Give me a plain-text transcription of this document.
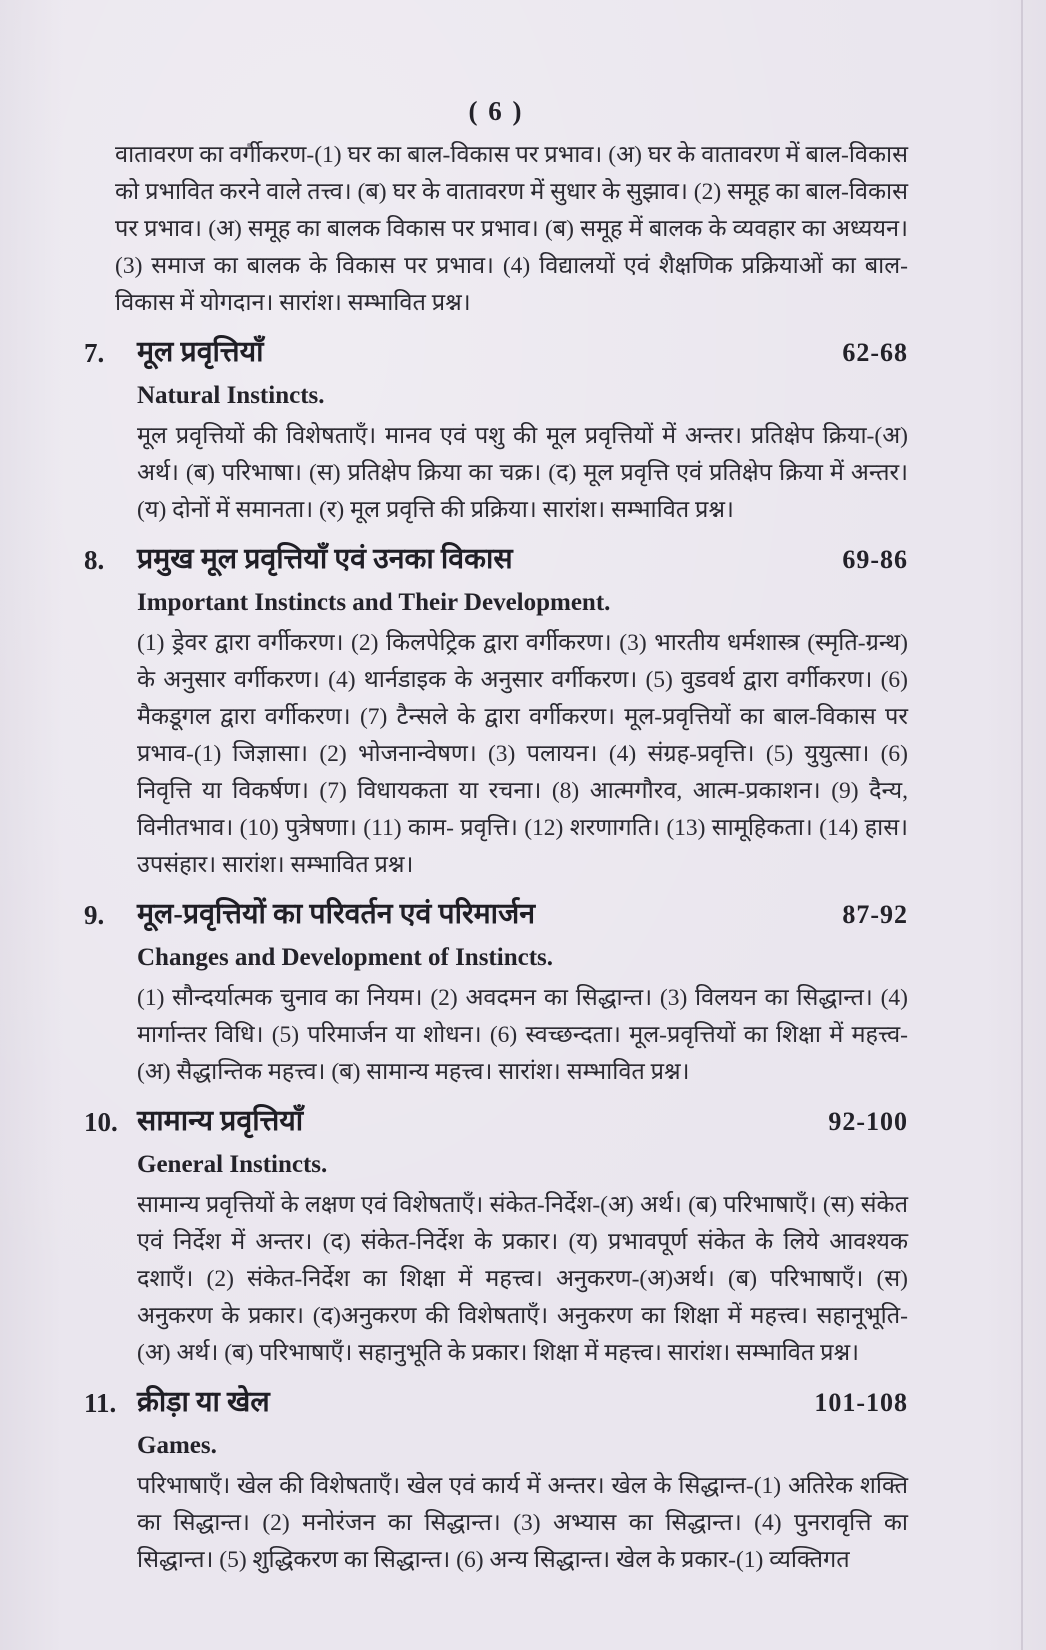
( 6 )
वातावरण का वर्गीकरण-(1) घर का बाल-विकास पर प्रभाव। (अ) घर के वातावरण में बाल-विकास को प्रभावित करने वाले तत्त्व। (ब) घर के वातावरण में सुधार के सुझाव। (2) समूह का बाल-विकास पर प्रभाव। (अ) समूह का बालक विकास पर प्रभाव। (ब) समूह में बालक के व्यवहार का अध्ययन। (3) समाज का बालक के विकास पर प्रभाव। (4) विद्यालयों एवं शैक्षणिक प्रक्रियाओं का बाल-विकास में योगदान। सारांश। सम्भावित प्रश्न।
7.	मूल प्रवृत्तियाँ	62-68
Natural Instincts.
मूल प्रवृत्तियों की विशेषताएँ। मानव एवं पशु की मूल प्रवृत्तियों में अन्तर। प्रतिक्षेप क्रिया-(अ) अर्थ। (ब) परिभाषा। (स) प्रतिक्षेप क्रिया का चक्र। (द) मूल प्रवृत्ति एवं प्रतिक्षेप क्रिया में अन्तर। (य) दोनों में समानता। (र) मूल प्रवृत्ति की प्रक्रिया। सारांश। सम्भावित प्रश्न।
8.	प्रमुख मूल प्रवृत्तियाँ एवं उनका विकास	69-86
Important Instincts and Their Development.
(1) ड्रेवर द्वारा वर्गीकरण। (2) किलपेट्रिक द्वारा वर्गीकरण। (3) भारतीय धर्मशास्त्र (स्मृति-ग्रन्थ) के अनुसार वर्गीकरण। (4) थार्नडाइक के अनुसार वर्गीकरण। (5) वुडवर्थ द्वारा वर्गीकरण। (6) मैकडूगल द्वारा वर्गीकरण। (7) टैन्सले के द्वारा वर्गीकरण। मूल-प्रवृत्तियों का बाल-विकास पर प्रभाव-(1) जिज्ञासा। (2) भोजनान्वेषण। (3) पलायन। (4) संग्रह-प्रवृत्ति। (5) युयुत्सा। (6) निवृत्ति या विकर्षण। (7) विधायकता या रचना। (8) आत्मगौरव, आत्म-प्रकाशन। (9) दैन्य, विनीतभाव। (10) पुत्रेषणा। (11) काम- प्रवृत्ति। (12) शरणागति। (13) सामूहिकता। (14) हास। उपसंहार। सारांश। सम्भावित प्रश्न।
9.	मूल-प्रवृत्तियों का परिवर्तन एवं परिमार्जन	87-92
Changes and Development of Instincts.
(1) सौन्दर्यात्मक चुनाव का नियम। (2) अवदमन का सिद्धान्त। (3) विलयन का सिद्धान्त। (4) मार्गान्तर विधि। (5) परिमार्जन या शोधन। (6) स्वच्छन्दता। मूल-प्रवृत्तियों का शिक्षा में महत्त्व-(अ) सैद्धान्तिक महत्त्व। (ब) सामान्य महत्त्व। सारांश। सम्भावित प्रश्न।
10. सामान्य प्रवृत्तियाँ	92-100
General Instincts.
सामान्य प्रवृत्तियों के लक्षण एवं विशेषताएँ। संकेत-निर्देश-(अ) अर्थ। (ब) परिभाषाएँ। (स) संकेत एवं निर्देश में अन्तर। (द) संकेत-निर्देश के प्रकार। (य) प्रभावपूर्ण संकेत के लिये आवश्यक दशाएँ। (2) संकेत-निर्देश का शिक्षा में महत्त्व। अनुकरण-(अ)अर्थ। (ब) परिभाषाएँ। (स) अनुकरण के प्रकार। (द)अनुकरण की विशेषताएँ। अनुकरण का शिक्षा में महत्त्व। सहानूभूति- (अ) अर्थ। (ब) परिभाषाएँ। सहानुभूति के प्रकार। शिक्षा में महत्त्व। सारांश। सम्भावित प्रश्न।
11. क्रीड़ा या खेल	101-108
Games.
परिभाषाएँ। खेल की विशेषताएँ। खेल एवं कार्य में अन्तर। खेल के सिद्धान्त-(1) अतिरेक शक्ति का सिद्धान्त। (2) मनोरंजन का सिद्धान्त। (3) अभ्यास का सिद्धान्त। (4) पुनरावृत्ति का सिद्धान्त। (5) शुद्धिकरण का सिद्धान्त। (6) अन्य सिद्धान्त। खेल के प्रकार-(1) व्यक्तिगत
